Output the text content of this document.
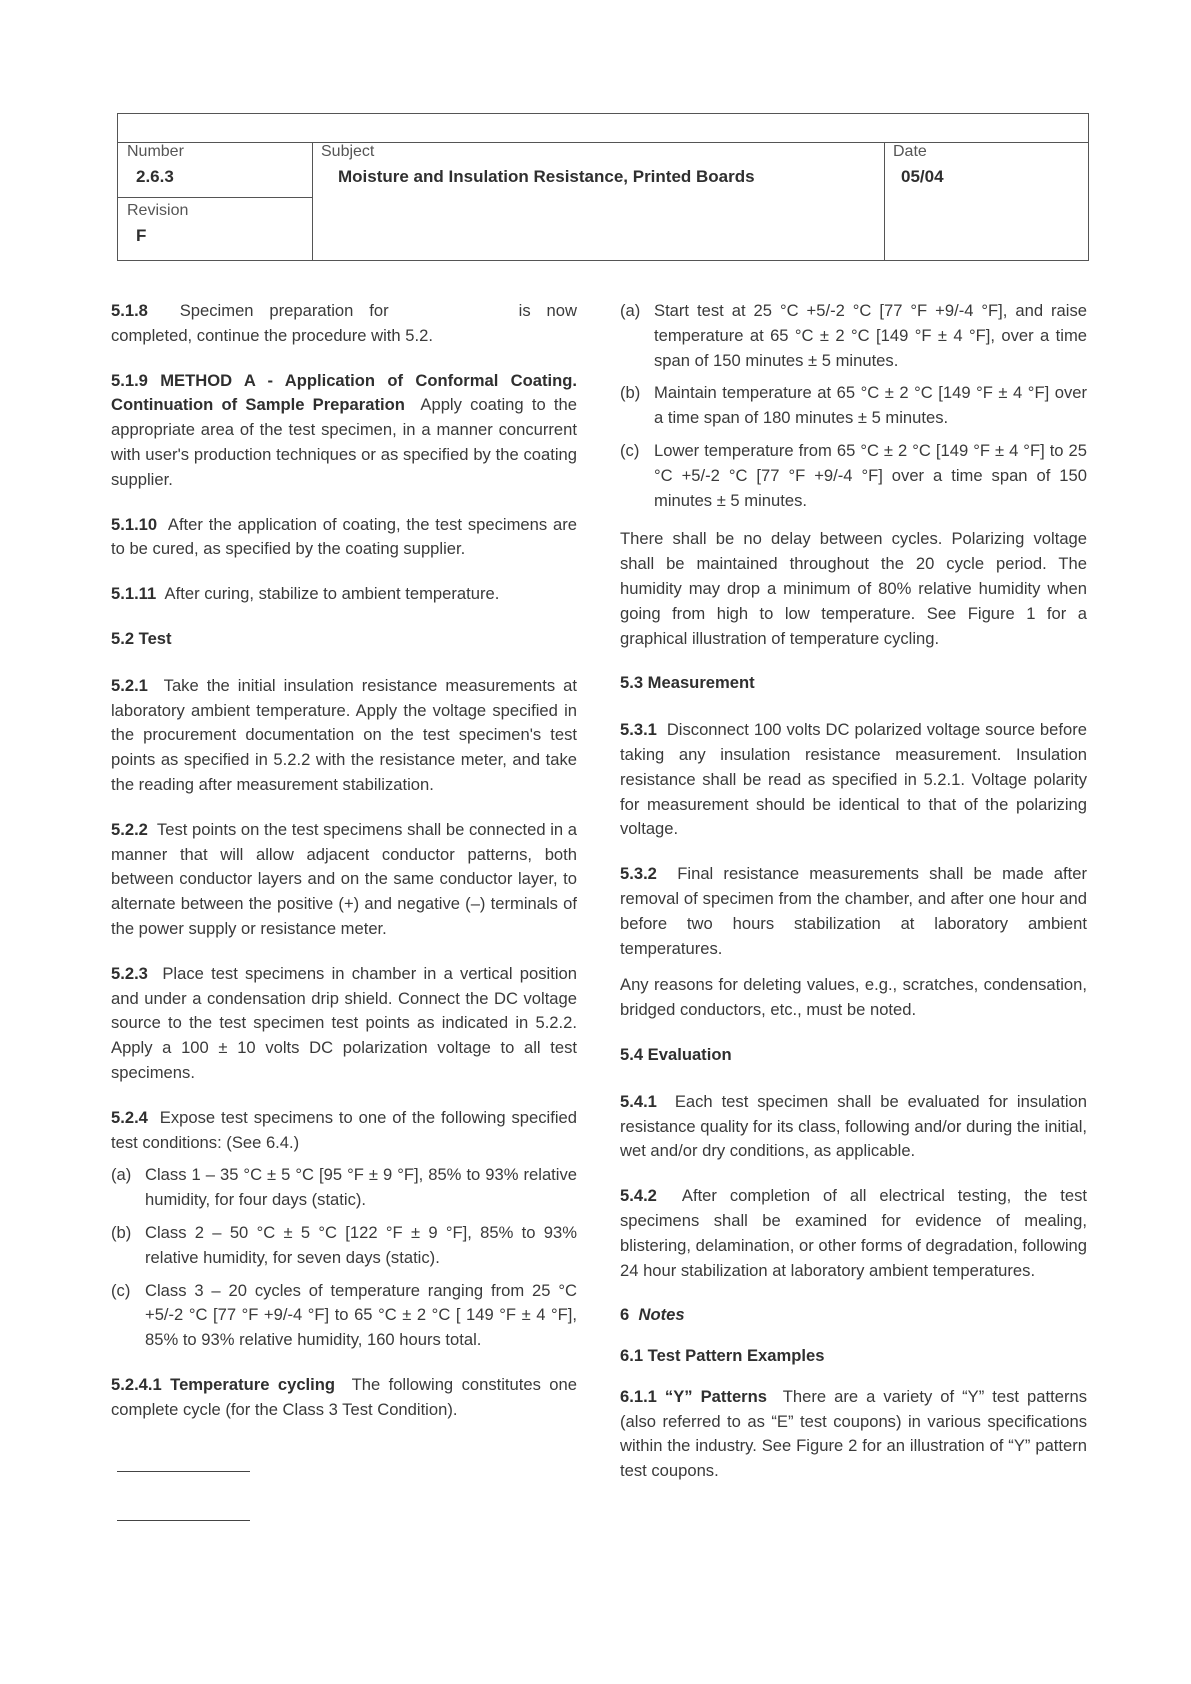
Number
2.6.3
Subject
Moisture and Insulation Resistance, Printed Boards
Date
05/04
Revision
F

5.1.8 Specimen preparation for	is now completed, continue the procedure with 5.2.

5.1.9 METHOD A - Application of Conformal Coating. Continuation of Sample Preparation Apply coating to the appropriate area of the test specimen, in a manner concurrent with user's production techniques or as specified by the coating supplier.

5.1.10 After the application of coating, the test specimens are to be cured, as specified by the coating supplier.

5.1.11 After curing, stabilize to ambient temperature.

5.2 Test

5.2.1 Take the initial insulation resistance measurements at laboratory ambient temperature. Apply the voltage specified in the procurement documentation on the test specimen's test points as specified in 5.2.2 with the resistance meter, and take the reading after measurement stabilization.

5.2.2 Test points on the test specimens shall be connected in a manner that will allow adjacent conductor patterns, both between conductor layers and on the same conductor layer, to alternate between the positive (+) and negative (–) terminals of the power supply or resistance meter.

5.2.3 Place test specimens in chamber in a vertical position and under a condensation drip shield. Connect the DC voltage source to the test specimen test points as indicated in 5.2.2. Apply a 100 ± 10 volts DC polarization voltage to all test specimens.

5.2.4 Expose test specimens to one of the following specified test conditions: (See 6.4.)

(a) Class 1 – 35 °C ± 5 °C [95 °F ± 9 °F], 85% to 93% relative humidity, for four days (static).
(b) Class 2 – 50 °C ± 5 °C [122 °F ± 9 °F], 85% to 93% relative humidity, for seven days (static).
(c) Class 3 – 20 cycles of temperature ranging from 25 °C +5/-2 °C [77 °F +9/-4 °F] to 65 °C ± 2 °C [ 149 °F ± 4 °F], 85% to 93% relative humidity, 160 hours total.

5.2.4.1 Temperature cycling The following constitutes one complete cycle (for the Class 3 Test Condition).

(a) Start test at 25 °C +5/-2 °C [77 °F +9/-4 °F], and raise temperature at 65 °C ± 2 °C [149 °F ± 4 °F], over a time span of 150 minutes ± 5 minutes.
(b) Maintain temperature at 65 °C ± 2 °C [149 °F ± 4 °F] over a time span of 180 minutes ± 5 minutes.
(c) Lower temperature from 65 °C ± 2 °C [149 °F ± 4 °F] to 25 °C +5/-2 °C [77 °F +9/-4 °F] over a time span of 150 minutes ± 5 minutes.

There shall be no delay between cycles. Polarizing voltage shall be maintained throughout the 20 cycle period. The humidity may drop a minimum of 80% relative humidity when going from high to low temperature. See Figure 1 for a graphical illustration of temperature cycling.

5.3 Measurement

5.3.1 Disconnect 100 volts DC polarized voltage source before taking any insulation resistance measurement. Insulation resistance shall be read as specified in 5.2.1. Voltage polarity for measurement should be identical to that of the polarizing voltage.

5.3.2 Final resistance measurements shall be made after removal of specimen from the chamber, and after one hour and before two hours stabilization at laboratory ambient temperatures.

Any reasons for deleting values, e.g., scratches, condensation, bridged conductors, etc., must be noted.

5.4 Evaluation

5.4.1 Each test specimen shall be evaluated for insulation resistance quality for its class, following and/or during the initial, wet and/or dry conditions, as applicable.

5.4.2 After completion of all electrical testing, the test specimens shall be examined for evidence of mealing, blistering, delamination, or other forms of degradation, following 24 hour stabilization at laboratory ambient temperatures.

6 Notes
6.1 Test Pattern Examples

6.1.1 “Y” Patterns There are a variety of “Y” test patterns (also referred to as “E” test coupons) in various specifications within the industry. See Figure 2 for an illustration of “Y” pattern test coupons.
